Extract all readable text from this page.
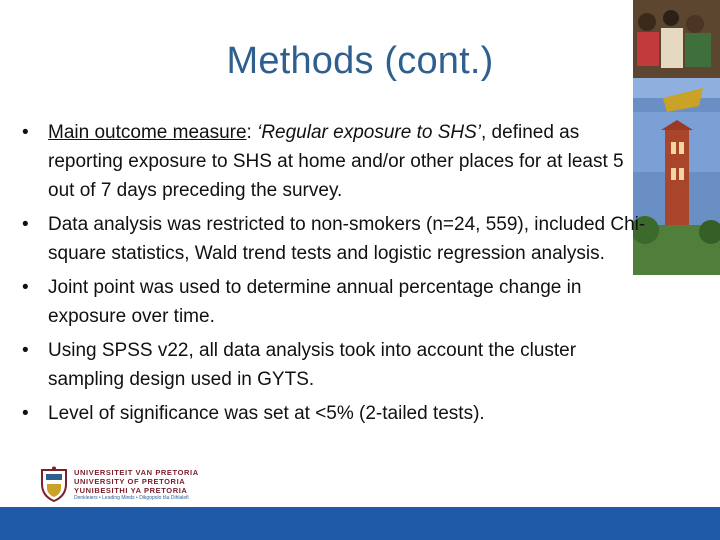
Methods (cont.)
• Main outcome measure: ‘Regular exposure to SHS’, defined as reporting exposure to SHS at home and/or other places for at least 5 out of 7 days preceding the survey.
• Data analysis was restricted to non-smokers (n=24, 559), included Chi-square statistics, Wald trend tests and logistic regression analysis.
• Joint point was used to determine annual percentage change in exposure over time.
• Using SPSS v22, all data analysis took into account the cluster sampling design used in GYTS.
• Level of significance was set at <5% (2-tailed tests).
UNIVERSITEIT VAN PRETORIA
UNIVERSITY OF PRETORIA
YUNIBESITHI YA PRETORIA
Denkleiers • Leading Minds • Dikgopolo tša Dihlalefi
